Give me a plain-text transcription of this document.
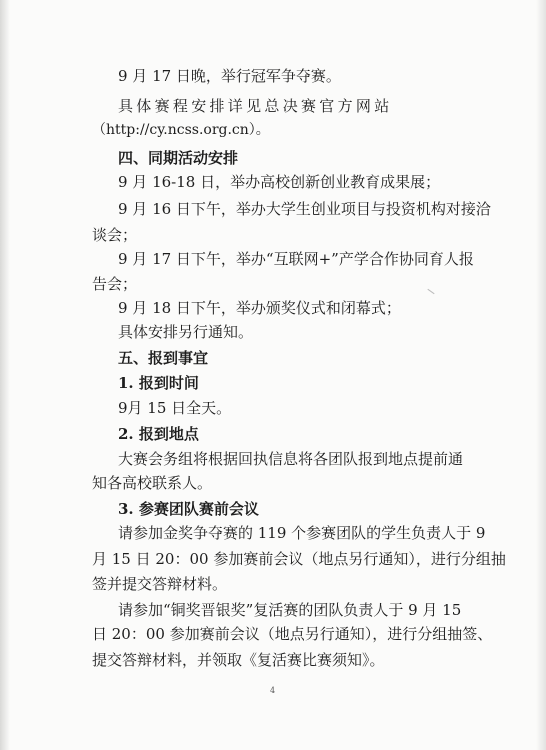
9 月 17 日晚，举行冠军争夺赛。
具体赛程安排详见总决赛官方网站
（http://cy.ncss.org.cn）。
四、同期活动安排
9 月 16-18 日，举办高校创新创业教育成果展；
9 月 16 日下午，举办大学生创业项目与投资机构对接洽
谈会；
9 月 17 日下午，举办“互联网+”产学合作协同育人报
告会；
9 月 18 日下午，举办颁奖仪式和闭幕式；
具体安排另行通知。
五、报到事宜
1. 报到时间
9月 15 日全天。
2. 报到地点
大赛会务组将根据回执信息将各团队报到地点提前通
知各高校联系人。
3. 参赛团队赛前会议
请参加金奖争夺赛的 119 个参赛团队的学生负责人于 9
月 15 日 20：00 参加赛前会议（地点另行通知），进行分组抽
签并提交答辩材料。
请参加“铜奖晋银奖”复活赛的团队负责人于 9 月 15
日 20：00 参加赛前会议（地点另行通知），进行分组抽签、
提交答辩材料，并领取《复活赛比赛须知》。
4
